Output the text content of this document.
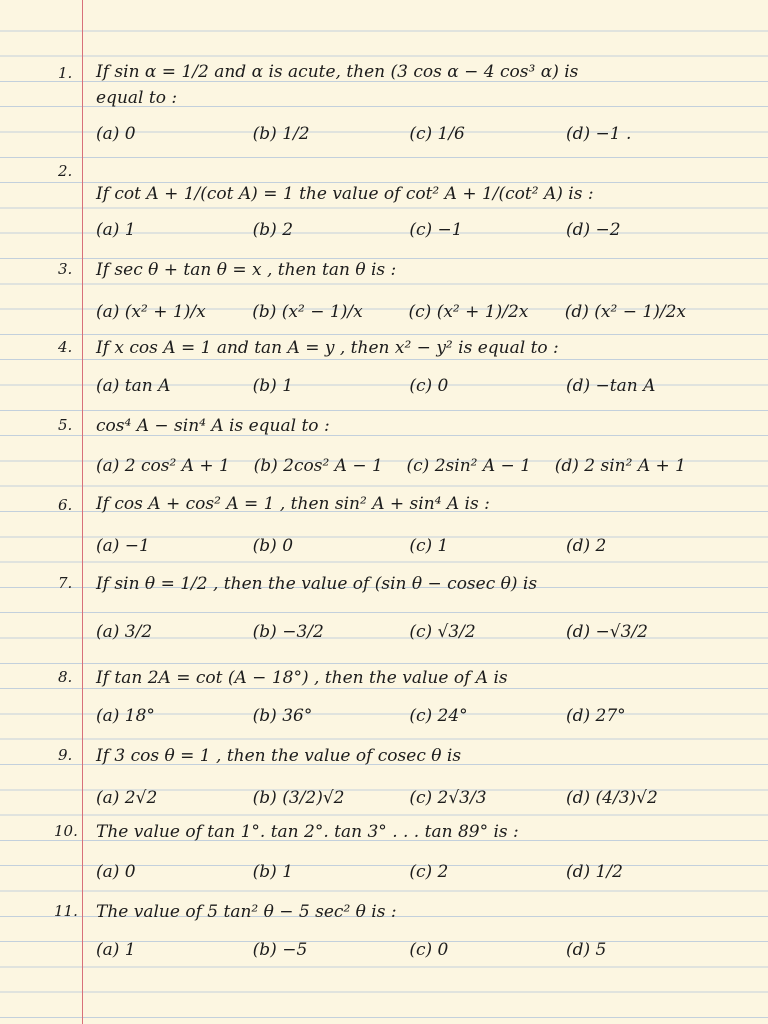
1. If sin α = 1/2 and α is acute, then (3 cos α − 4 cos³ α) is
equal to :
(a) 0	(b) 1/2	(c) 1/6	(d) −1 .
2.
If cot A + 1/(cot A) = 1 the value of cot² A + 1/(cot² A) is :
(a) 1	(b) 2	(c) −1	(d) −2
3. If sec θ + tan θ = x , then tan θ is :
(a) (x² + 1)/x	(b) (x² − 1)/x	(c) (x² + 1)/2x (d) (x² − 1)/2x
4. If x cos A = 1 and tan A = y , then x² − y² is equal to :
(a) tan A	(b) 1	(c) 0	(d) −tan A
5. cos⁴ A − sin⁴ A is equal to :
(a) 2 cos² A + 1 (b) 2cos² A − 1 (c) 2sin² A − 1 (d) 2 sin² A + 1
6. If cos A + cos² A = 1 , then sin² A + sin⁴ A is :
(a) −1	(b) 0	(c) 1	(d) 2
7. If sin θ = 1/2 , then the value of (sin θ − cosec θ) is
(a) 3/2	(b) −3/2	(c) √3/2	(d) −√3/2
8. If tan 2A = cot (A − 18°) , then the value of A is
(a) 18°	(b) 36°	(c) 24°	(d) 27°
9. If 3 cos θ = 1 , then the value of cosec θ is
(a) 2√2	(b) (3/2)√2	(c) 2√3/3	(d) (4/3)√2
10. The value of tan 1°. tan 2°. tan 3° . . . tan 89° is :
(a) 0	(b) 1	(c) 2	(d) 1/2
11. The value of 5 tan² θ − 5 sec² θ is :
(a) 1	(b) −5	(c) 0	(d) 5
